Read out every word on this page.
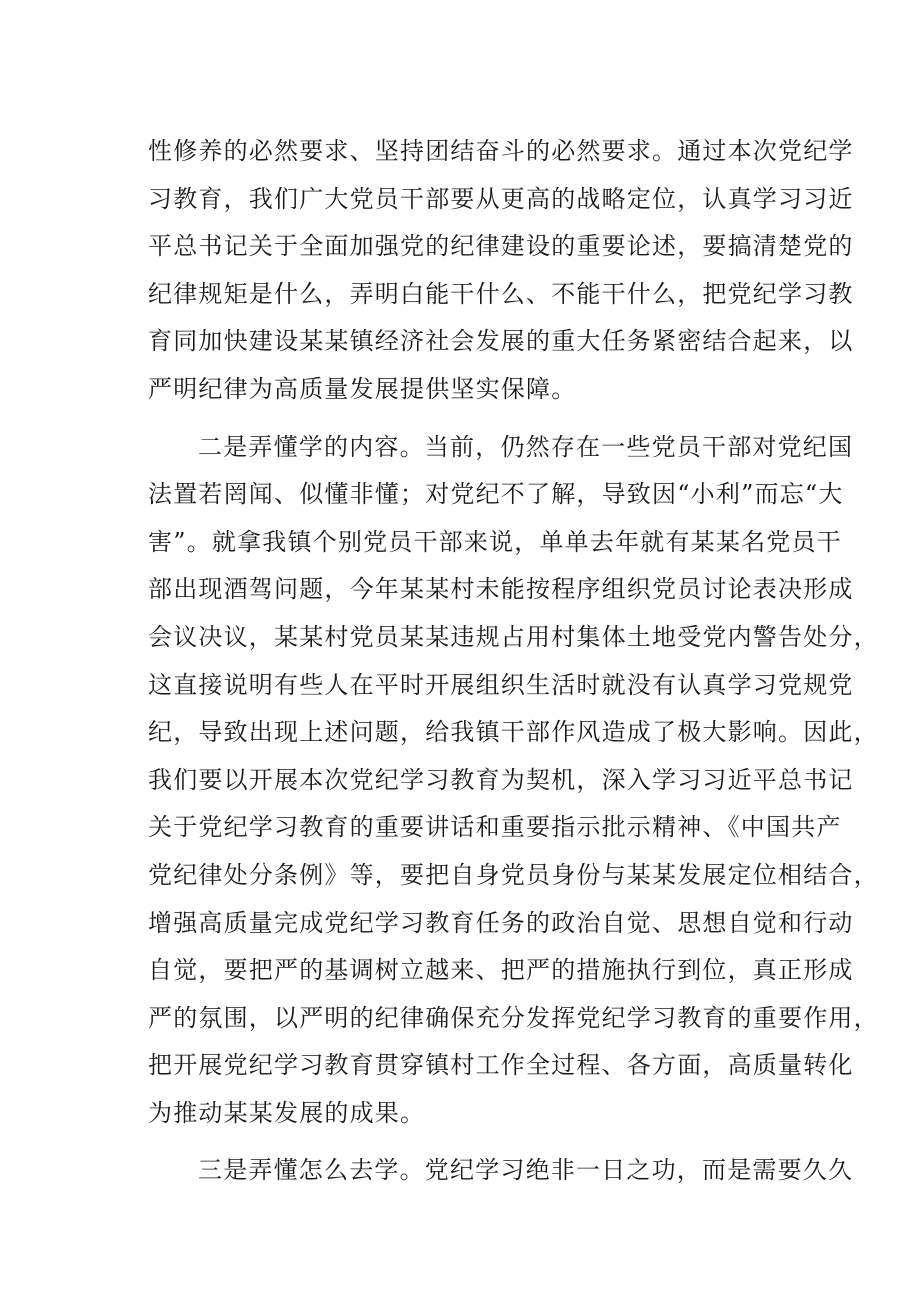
性修养的必然要求、坚持团结奋斗的必然要求。通过本次党纪学
习教育，我们广大党员干部要从更高的战略定位，认真学习习近
平总书记关于全面加强党的纪律建设的重要论述，要搞清楚党的
纪律规矩是什么，弄明白能干什么、不能干什么，把党纪学习教
育同加快建设某某镇经济社会发展的重大任务紧密结合起来，以
严明纪律为高质量发展提供坚实保障。
二是弄懂学的内容。当前，仍然存在一些党员干部对党纪国
法置若罔闻、似懂非懂；对党纪不了解，导致因“小利”而忘“大
害”。就拿我镇个别党员干部来说，单单去年就有某某名党员干
部出现酒驾问题，今年某某村未能按程序组织党员讨论表决形成
会议决议，某某村党员某某违规占用村集体土地受党内警告处分，
这直接说明有些人在平时开展组织生活时就没有认真学习党规党
纪，导致出现上述问题，给我镇干部作风造成了极大影响。因此，
我们要以开展本次党纪学习教育为契机，深入学习习近平总书记
关于党纪学习教育的重要讲话和重要指示批示精神、《中国共产
党纪律处分条例》等，要把自身党员身份与某某发展定位相结合，
增强高质量完成党纪学习教育任务的政治自觉、思想自觉和行动
自觉，要把严的基调树立越来、把严的措施执行到位，真正形成
严的氛围，以严明的纪律确保充分发挥党纪学习教育的重要作用，
把开展党纪学习教育贯穿镇村工作全过程、各方面，高质量转化
为推动某某发展的成果。
三是弄懂怎么去学。党纪学习绝非一日之功，而是需要久久
